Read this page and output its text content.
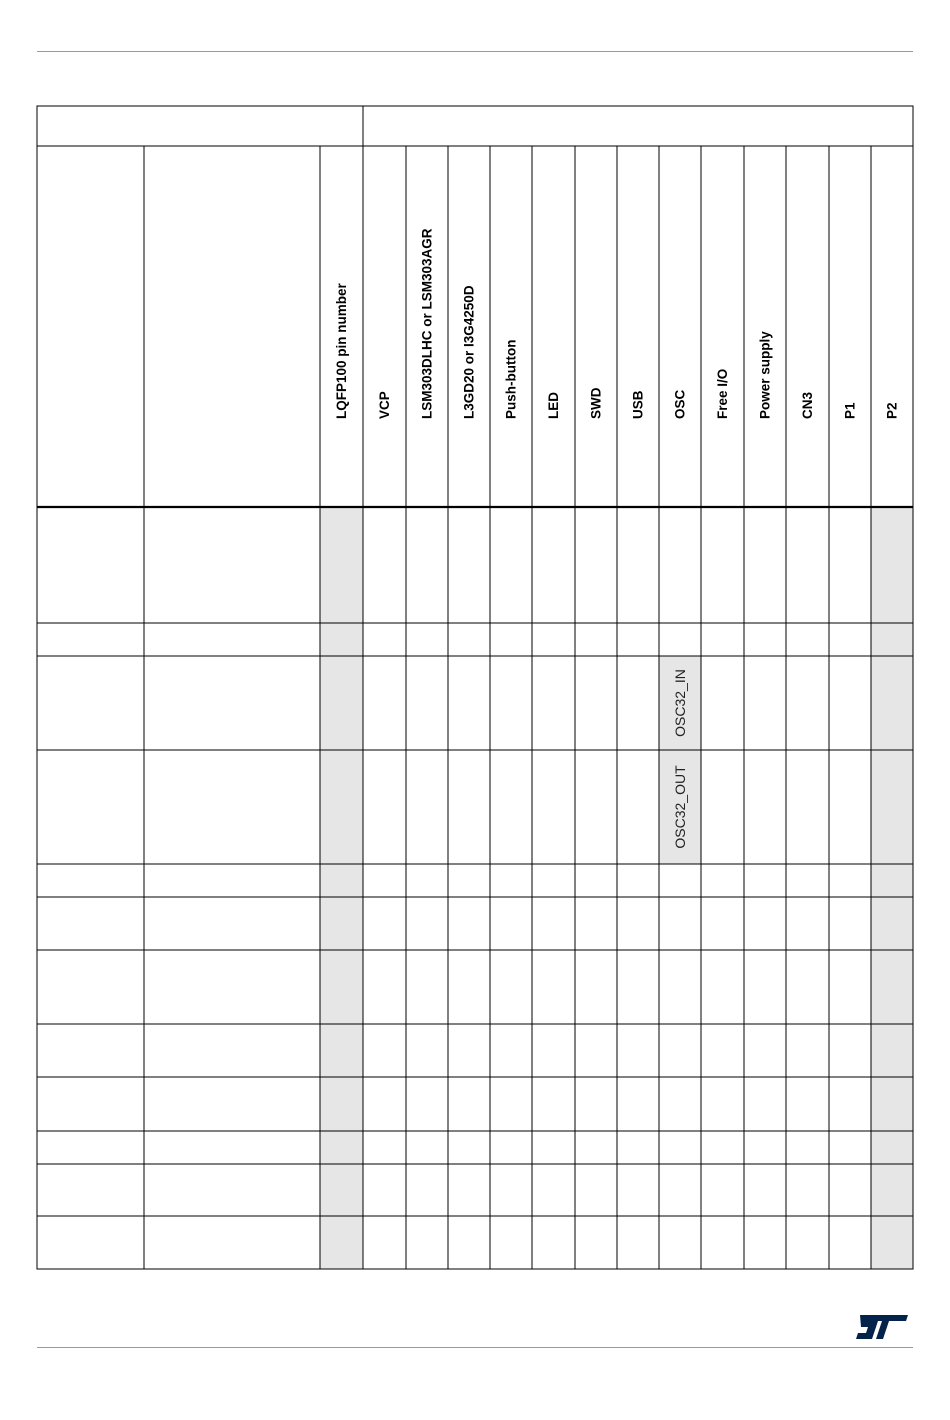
OSC32_IN
OSC32_OUT
LQFP100 pin number VCP LSM303DLHC or LSM303AGR L3GD20 or I3G4250D Push-button LED SWD USB OSC Free I/O Power supply CN3 P1 P2
